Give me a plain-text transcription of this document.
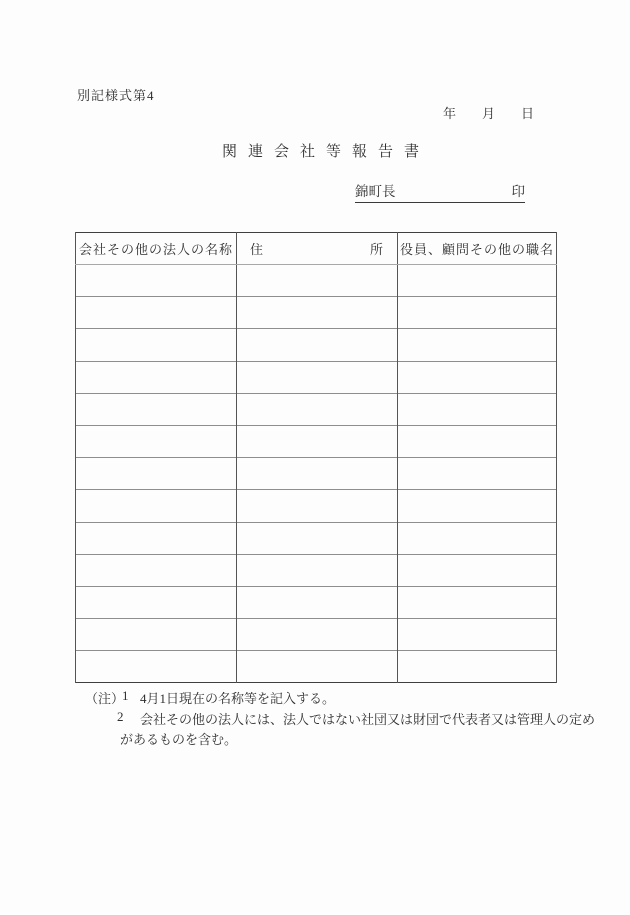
別記様式第4
年 月 日
関連会社等報告書
錦町長	印
会社その他の法人の名称	住 所	役員、顧問その他の職名

（注）
1 4月1日現在の名称等を記入する。
2 会社その他の法人には、法人ではない社団又は財団で代表者又は管理人の定め
があるものを含む。
